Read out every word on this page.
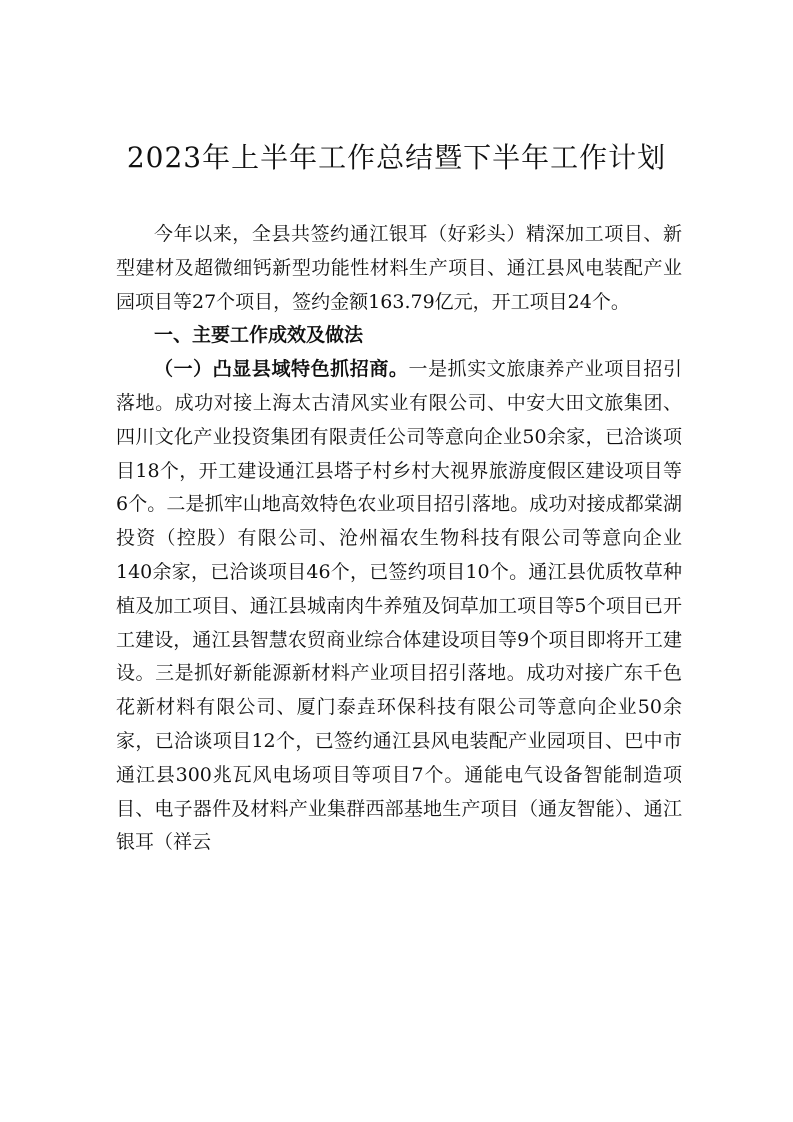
2023年上半年工作总结暨下半年工作计划

今年以来，全县共签约通江银耳（好彩头）精深加工项目、新型建材及超微细钙新型功能性材料生产项目、通江县风电装配产业园项目等27个项目，签约金额163.79亿元，开工项目24个。

一、主要工作成效及做法

（一）凸显县域特色抓招商。一是抓实文旅康养产业项目招引落地。成功对接上海太古清风实业有限公司、中安大田文旅集团、四川文化产业投资集团有限责任公司等意向企业50余家，已洽谈项目18个，开工建设通江县塔子村乡村大视界旅游度假区建设项目等6个。二是抓牢山地高效特色农业项目招引落地。成功对接成都棠湖投资（控股）有限公司、沧州福农生物科技有限公司等意向企业140余家，已洽谈项目46个，已签约项目10个。通江县优质牧草种植及加工项目、通江县城南肉牛养殖及饲草加工项目等5个项目已开工建设，通江县智慧农贸商业综合体建设项目等9个项目即将开工建设。三是抓好新能源新材料产业项目招引落地。成功对接广东千色花新材料有限公司、厦门泰垚环保科技有限公司等意向企业50余家，已洽谈项目12个，已签约通江县风电装配产业园项目、巴中市通江县300兆瓦风电场项目等项目7个。通能电气设备智能制造项目、电子器件及材料产业集群西部基地生产项目（通友智能）、通江银耳（祥云
